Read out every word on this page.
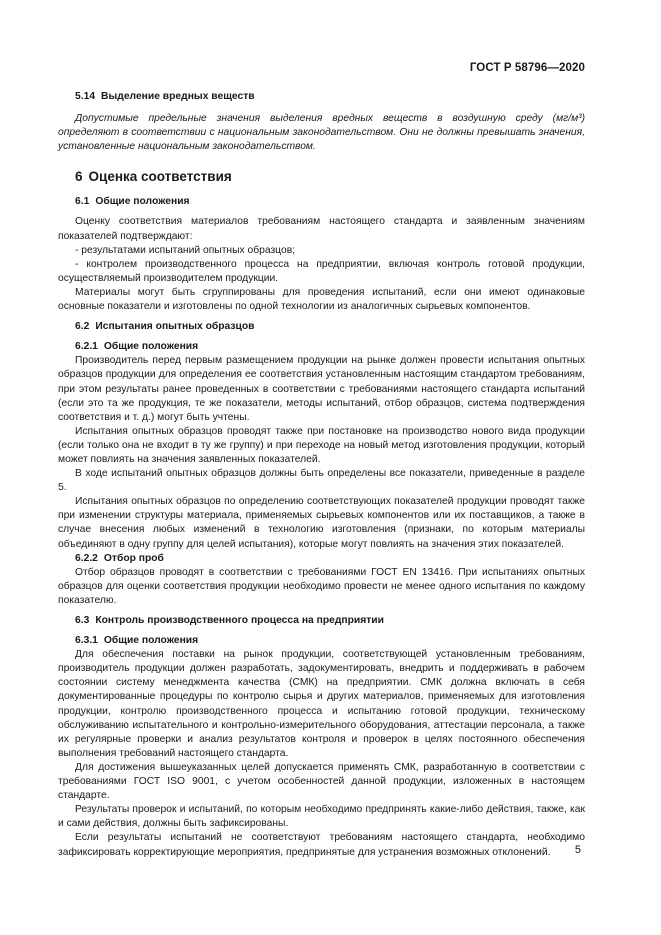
ГОСТ Р 58796—2020
5.14 Выделение вредных веществ

Допустимые предельные значения выделения вредных веществ в воздушную среду (мг/м³) определяют в соответствии с национальным законодательством. Они не должны превышать значения, установленные национальным законодательством.

6 Оценка соответствия
6.1 Общие положения

Оценку соответствия материалов требованиям настоящего стандарта и заявленным значениям показателей подтверждают:

- результатами испытаний опытных образцов;

- контролем производственного процесса на предприятии, включая контроль готовой продукции, осуществляемый производителем продукции.

Материалы могут быть сгруппированы для проведения испытаний, если они имеют одинаковые основные показатели и изготовлены по одной технологии из аналогичных сырьевых компонентов.

6.2 Испытания опытных образцов
6.2.1 Общие положения

Производитель перед первым размещением продукции на рынке должен провести испытания опытных образцов продукции для определения ее соответствия установленным настоящим стандартом требованиям, при этом результаты ранее проведенных в соответствии с требованиями настоящего стандарта испытаний (если это та же продукция, те же показатели, методы испытаний, отбор образцов, система подтверждения соответствия и т. д.) могут быть учтены.

Испытания опытных образцов проводят также при постановке на производство нового вида продукции (если только она не входит в ту же группу) и при переходе на новый метод изготовления продукции, который может повлиять на значения заявленных показателей.

В ходе испытаний опытных образцов должны быть определены все показатели, приведенные в разделе 5.

Испытания опытных образцов по определению соответствующих показателей продукции проводят также при изменении структуры материала, применяемых сырьевых компонентов или их поставщиков, а также в случае внесения любых изменений в технологию изготовления (признаки, по которым материалы объединяют в одну группу для целей испытания), которые могут повлиять на значения этих показателей.

6.2.2 Отбор проб

Отбор образцов проводят в соответствии с требованиями ГОСТ EN 13416. При испытаниях опытных образцов для оценки соответствия продукции необходимо провести не менее одного испытания по каждому показателю.

6.3 Контроль производственного процесса на предприятии
6.3.1 Общие положения

Для обеспечения поставки на рынок продукции, соответствующей установленным требованиям, производитель продукции должен разработать, задокументировать, внедрить и поддерживать в рабочем состоянии систему менеджмента качества (СМК) на предприятии. СМК должна включать в себя документированные процедуры по контролю сырья и других материалов, применяемых для изготовления продукции, контролю производственного процесса и испытанию готовой продукции, техническому обслуживанию испытательного и контрольно-измерительного оборудования, аттестации персонала, а также их регулярные проверки и анализ результатов контроля и проверок в целях постоянного обеспечения выполнения требований настоящего стандарта.

Для достижения вышеуказанных целей допускается применять СМК, разработанную в соответствии с требованиями ГОСТ ISO 9001, с учетом особенностей данной продукции, изложенных в настоящем стандарте.

Результаты проверок и испытаний, по которым необходимо предпринять какие-либо действия, также, как и сами действия, должны быть зафиксированы.

Если результаты испытаний не соответствуют требованиям настоящего стандарта, необходимо зафиксировать корректирующие мероприятия, предпринятые для устранения возможных отклонений.	5
